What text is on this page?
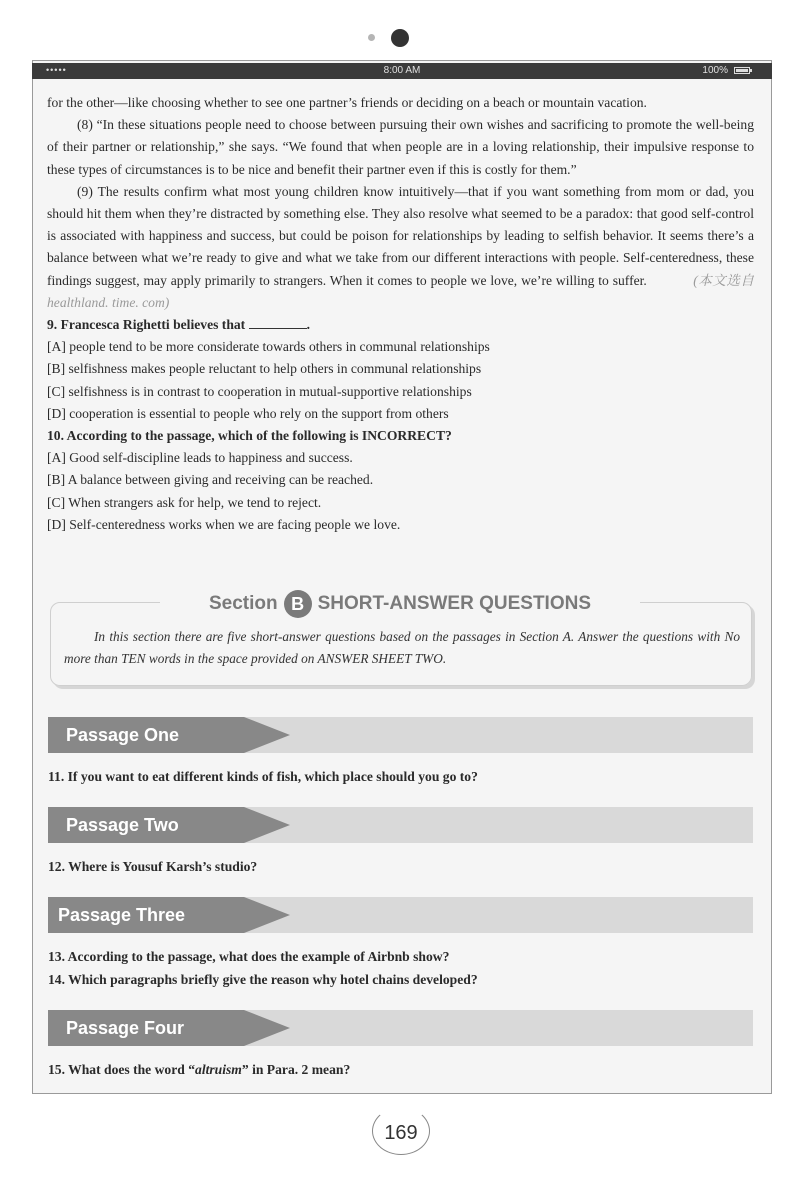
•••••	8:00 AM	100%

for the other—like choosing whether to see one partner’s friends or deciding on a beach or mountain vacation.

(8) “In these situations people need to choose between pursuing their own wishes and sacrificing to promote the well-being of their partner or relationship,” she says. “We found that when people are in a loving relationship, their impulsive response to these types of circumstances is to be nice and benefit their partner even if this is costly for them.”

(9) The results confirm what most young children know intuitively—that if you want something from mom or dad, you should hit them when they’re distracted by something else. They also resolve what seemed to be a paradox: that good self-control is associated with happiness and success, but could be poison for relationships by leading to selfish behavior. It seems there’s a balance between what we’re ready to give and what we take from our different interactions with people. Self-centeredness, these findings suggest, may apply primarily to strangers. When it comes to people we love, we’re willing to suffer.	(本文选自 healthland. time. com)

9. Francesca Righetti believes that	.

[A] people tend to be more considerate towards others in communal relationships

[B] selfishness makes people reluctant to help others in communal relationships

[C] selfishness is in contrast to cooperation in mutual-supportive relationships

[D] cooperation is essential to people who rely on the support from others

10. According to the passage, which of the following is INCORRECT?

[A] Good self-discipline leads to happiness and success.

[B] A balance between giving and receiving can be reached.

[C] When strangers ask for help, we tend to reject.

[D] Self-centeredness works when we are facing people we love.

Section B SHORT-ANSWER QUESTIONS
In this section there are five short-answer questions based on the passages in Section A. Answer the questions with No more than TEN words in the space provided on ANSWER SHEET TWO.
Passage One
11. If you want to eat different kinds of fish, which place should you go to?
Passage Two
12. Where is Yousuf Karsh’s studio?
Passage Three
13. According to the passage, what does the example of Airbnb show?
14. Which paragraphs briefly give the reason why hotel chains developed?
Passage Four
15. What does the word “altruism” in Para. 2 mean?
169
